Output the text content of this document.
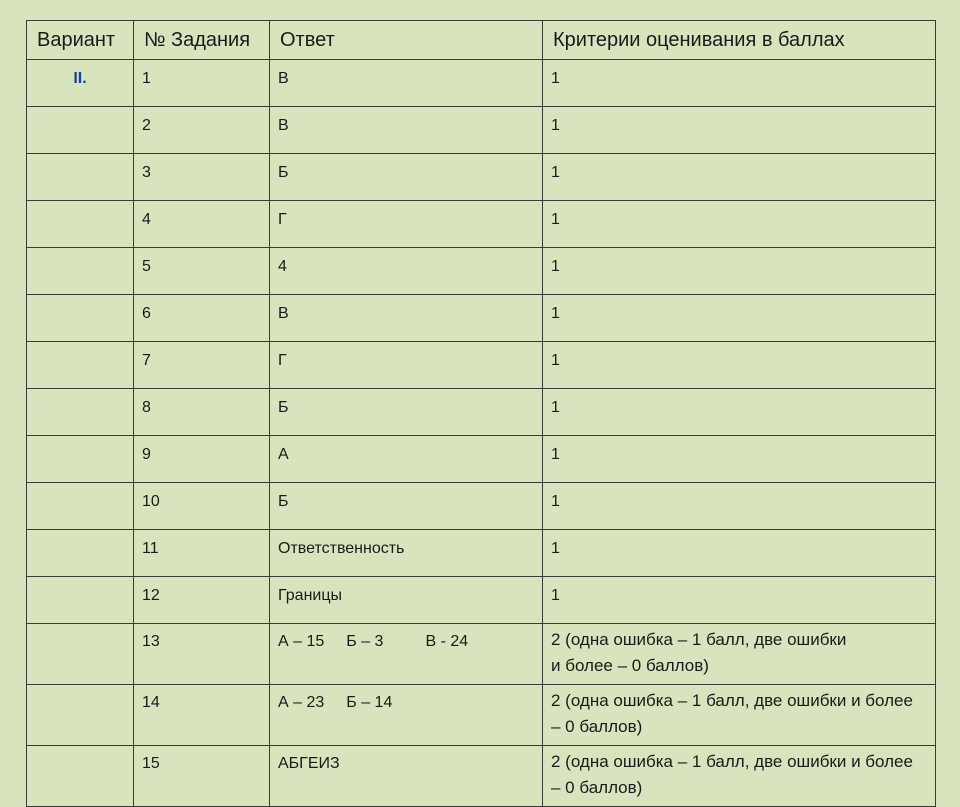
Вариант	№ Задания	Ответ	Критерии оценивания в баллах
II.	1	В	1
	2	В	1
	3	Б	1
	4	Г	1
	5	4	1
	6	В	1
	7	Г	1
	8	Б	1
	9	А	1
	10	Б	1
	11	Ответственность	1
	12	Границы	1
	13	А – 15 Б – 3 В - 24	2 (одна ошибка – 1 балл, две ошибки и более – 0 баллов)

	14	А – 23 Б – 14	2 (одна ошибка – 1 балл, две ошибки и более – 0 баллов)

	15	АБГЕИЗ	2 (одна ошибка – 1 балл, две ошибки и более – 0 баллов)
